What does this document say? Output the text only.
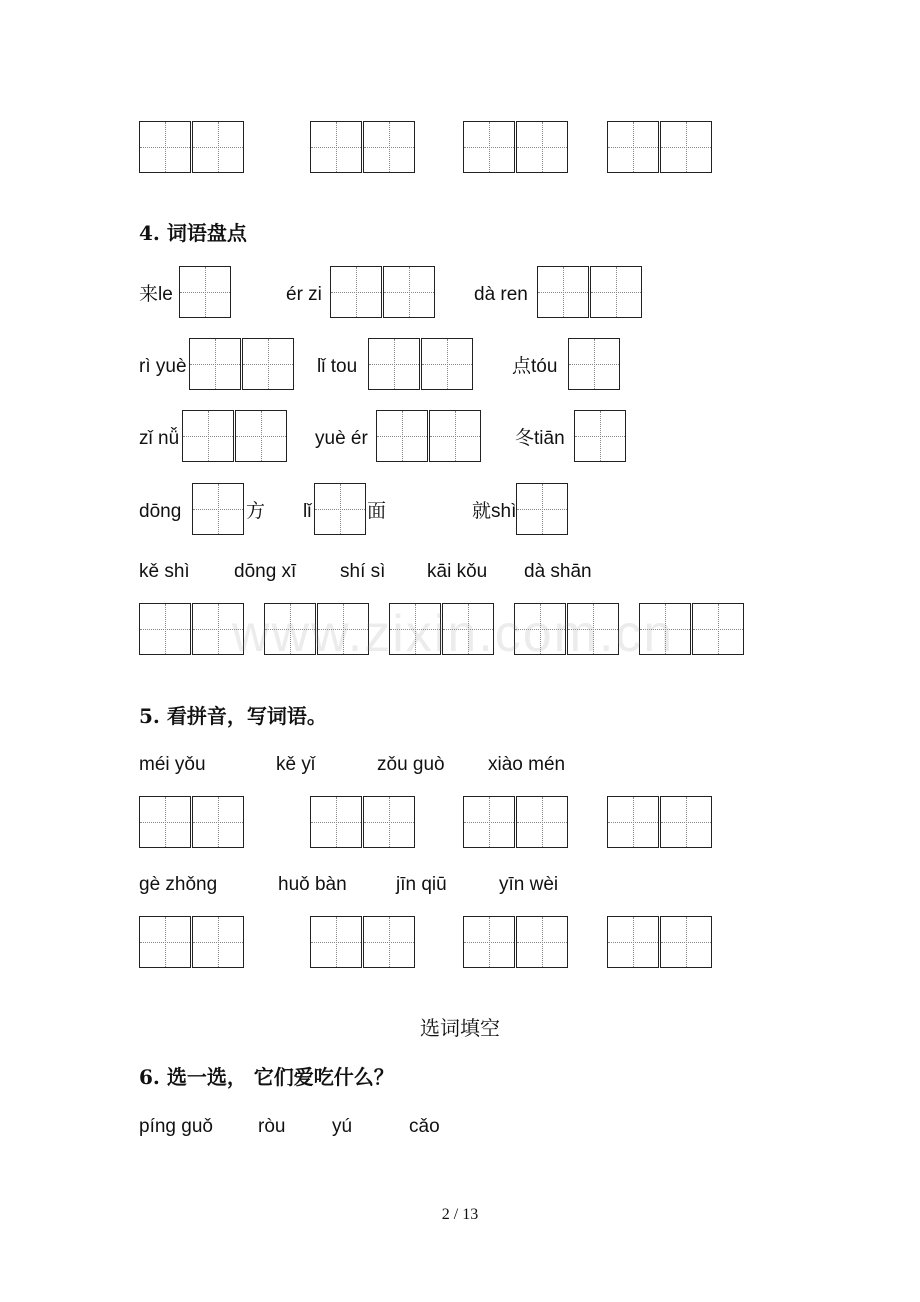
4. 词语盘点
来le	ér zi	dà ren
rì yuè	lǐ tou	点tóu
zǐ nǚ	yuè ér	冬tiān
dōng	方 lǐ	面	就shì
kě shì dōng xī shí sì kāi kǒu dà shān
www.zixin.com.cn
5. 看拼音，写词语。
méi yǒu	kě yǐ	zǒu guò xiào mén
gè zhǒng	huǒ bàn	jīn qiū	yīn wèi
选词填空
6. 选一选， 它们爱吃什么？
píng guǒ ròu yú	cǎo
2 / 13
